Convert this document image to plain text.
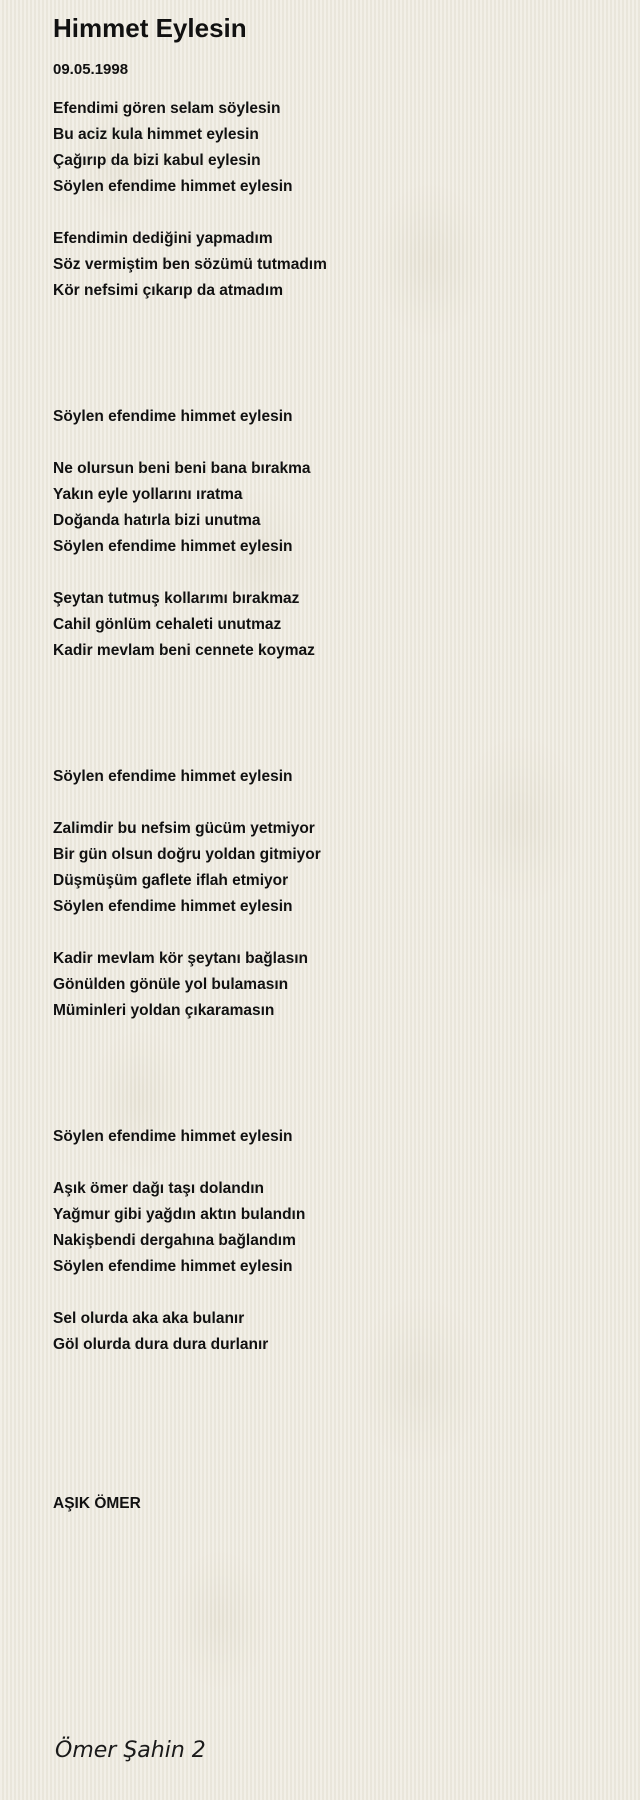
Himmet Eylesin
09.05.1998
Efendimi gören selam söylesin
Bu aciz kula himmet eylesin
Çağırıp da bizi kabul eylesin
Söylen efendime himmet eylesin
Efendimin dediğini yapmadım
Söz vermiştim ben sözümü tutmadım
Kör nefsimi çıkarıp da atmadım
Söylen efendime himmet eylesin
Ne olursun beni beni bana bırakma
Yakın eyle yollarını ıratma
Doğanda hatırla bizi unutma
Söylen efendime himmet eylesin
Şeytan tutmuş kollarımı bırakmaz
Cahil gönlüm cehaleti unutmaz
Kadir mevlam beni cennete koymaz
Söylen efendime himmet eylesin
Zalimdir bu nefsim gücüm yetmiyor
Bir gün olsun doğru yoldan gitmiyor
Düşmüşüm gaflete iflah etmiyor
Söylen efendime himmet eylesin
Kadir mevlam kör şeytanı bağlasın
Gönülden gönüle yol bulamasın
Müminleri yoldan çıkaramasın
Söylen efendime himmet eylesin
Aşık ömer dağı taşı dolandın
Yağmur gibi yağdın aktın bulandın
Nakişbendi dergahına bağlandım
Söylen efendime himmet eylesin
Sel olurda aka aka bulanır
Göl olurda dura dura durlanır
AŞIK ÖMER
Ömer Şahin 2
